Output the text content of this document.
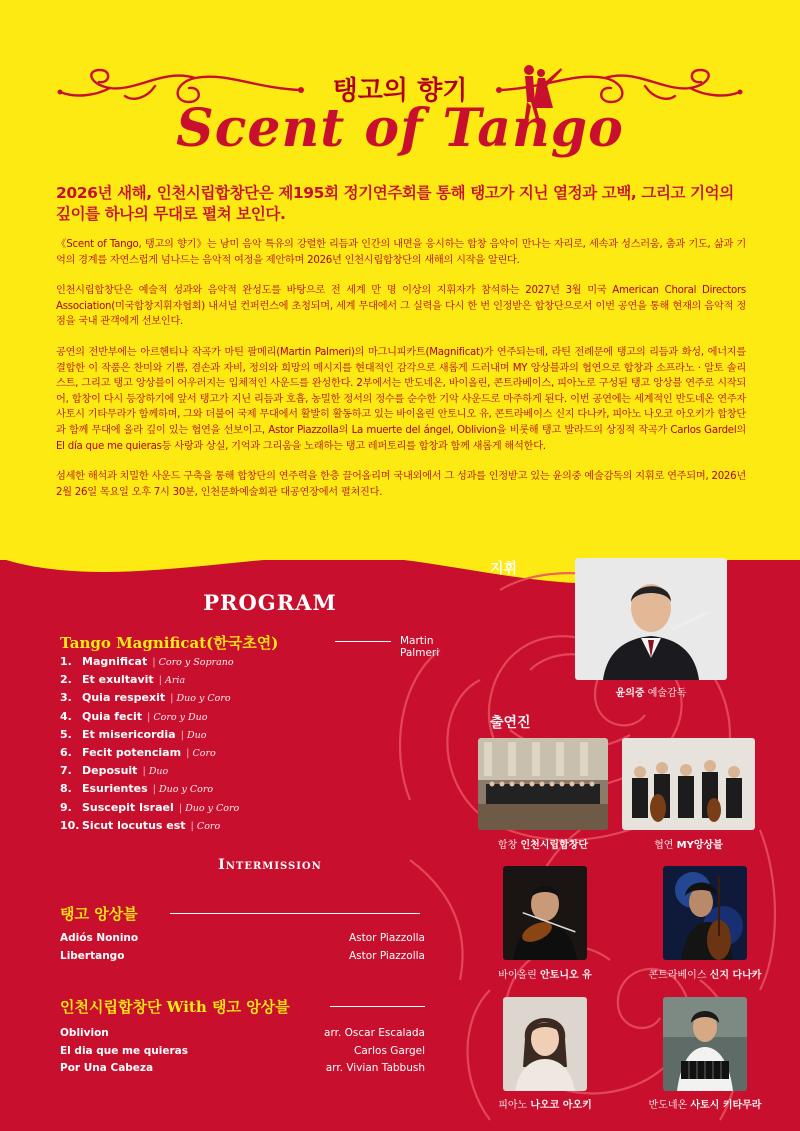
탱고의 향기
Scent of Tango
2026년 새해, 인천시립합창단은 제195회 정기연주회를 통해 탱고가 지닌 열정과 고백, 그리고 기억의 깊이를 하나의 무대로 펼쳐 보인다.

《Scent of Tango, 탱고의 향기》는 남미 음악 특유의 강렬한 리듬과 인간의 내면을 응시하는 합창 음악이 만나는 자리로, 세속과 성스러움, 춤과 기도, 삶과 기억의 경계를 자연스럽게 넘나드는 음악적 여정을 제안하며 2026년 인천시립합창단의 새해의 시작을 알린다.

인천시립합창단은 예술적 성과와 음악적 완성도를 바탕으로 전 세계 만 명 이상의 지휘자가 참석하는 2027년 3월 미국 American Choral Directors Association(미국합창지휘자협회) 내셔널 컨퍼런스에 초청되며, 세계 무대에서 그 실력을 다시 한 번 인정받은 합창단으로서 이번 공연을 통해 현재의 음악적 정점을 국내 관객에게 선보인다.

공연의 전반부에는 아르헨티나 작곡가 마틴 팔메리(Martin Palmeri)의 마그니피카트(Magnificat)가 연주되는데, 라틴 전례문에 탱고의 리듬과 화성, 에너지를 결합한 이 작품은 찬미와 기쁨, 겸손과 자비, 정의와 희망의 메시지를 현대적인 감각으로 새롭게 드러내며 MY 앙상블과의 협연으로 합창과 소프라노 · 알토 솔리스트, 그리고 탱고 앙상블이 어우러지는 입체적인 사운드를 완성한다. 2부에서는 반도네온, 바이올린, 콘트라베이스, 피아노로 구성된 탱고 앙상블 연주로 시작되어, 합창이 다시 등장하기에 앞서 탱고가 지닌 리듬과 호흡, 농밀한 정서의 정수를 순수한 기악 사운드로 마주하게 된다. 이번 공연에는 세계적인 반도네온 연주자 사토시 기타무라가 함께하며, 그와 더불어 국제 무대에서 활발히 활동하고 있는 바이올린 안토니오 유, 콘트라베이스 신지 다나카, 피아노 나오코 아오키가 합창단과 함께 무대에 올라 깊이 있는 협연을 선보이고, Astor Piazzolla의 La muerte del ángel, Oblivion을 비롯해 탱고 발라드의 상징적 작곡가 Carlos Gardel의 El día que me quieras등 사랑과 상실, 기억과 그리움을 노래하는 탱고 레퍼토리를 합창과 함께 새롭게 해석한다.

섬세한 해석과 치밀한 사운드 구축을 통해 합창단의 연주력을 한층 끌어올리며 국내외에서 그 성과를 인정받고 있는 윤의중 예술감독의 지휘로 연주되며, 2026년 2월 26일 목요일 오후 7시 30분, 인천문화예술회관 대공연장에서 펼쳐진다.

PROGRAM
Tango Magnificat(한국초연)	Martin Palmeri
1. Magnificat | Coro y Soprano
2. Et exultavit | Aria
3. Quia respexit | Duo y Coro
4. Quia fecit | Coro y Duo
5. Et misericordia | Duo
6. Fecit potenciam | Coro
7. Deposuit | Duo
8. Esurientes | Duo y Coro
9. Suscepit Israel | Duo y Coro
10. Sicut locutus est | Coro
Intermission
탱고 앙상블
Adiós Nonino	Astor Piazzolla
Libertango	Astor Piazzolla
인천시립합창단 With 탱고 앙상블
Oblivion	arr. Oscar Escalada
El dia que me quieras	Carlos Gargel
Por Una Cabeza	arr. Vivian Tabbush
지휘
윤의중 예술감독
출연진
합창 인천시립합창단	협연 MY앙상블
바이올린 안토니오 유	콘트라베이스 신지 다나카
피아노 나오코 아오키	반도네온 사토시 키타무라
